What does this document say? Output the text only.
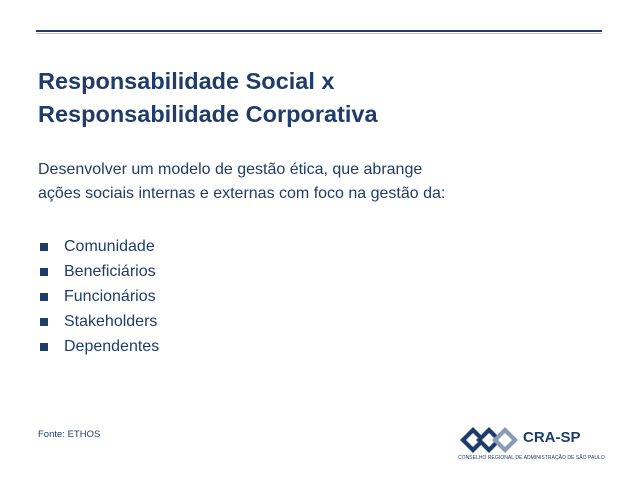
Responsabilidade Social x
Responsabilidade Corporativa

Desenvolver um modelo de gestão ética, que abrange
ações sociais internas e externas com foco na gestão da:

Comunidade
Beneficiários
Funcionários
Stakeholders
Dependentes
Fonte: ETHOS	CRA-SP
CONSELHO REGIONAL DE ADMINISTRAÇÃO DE SÃO PAULO
